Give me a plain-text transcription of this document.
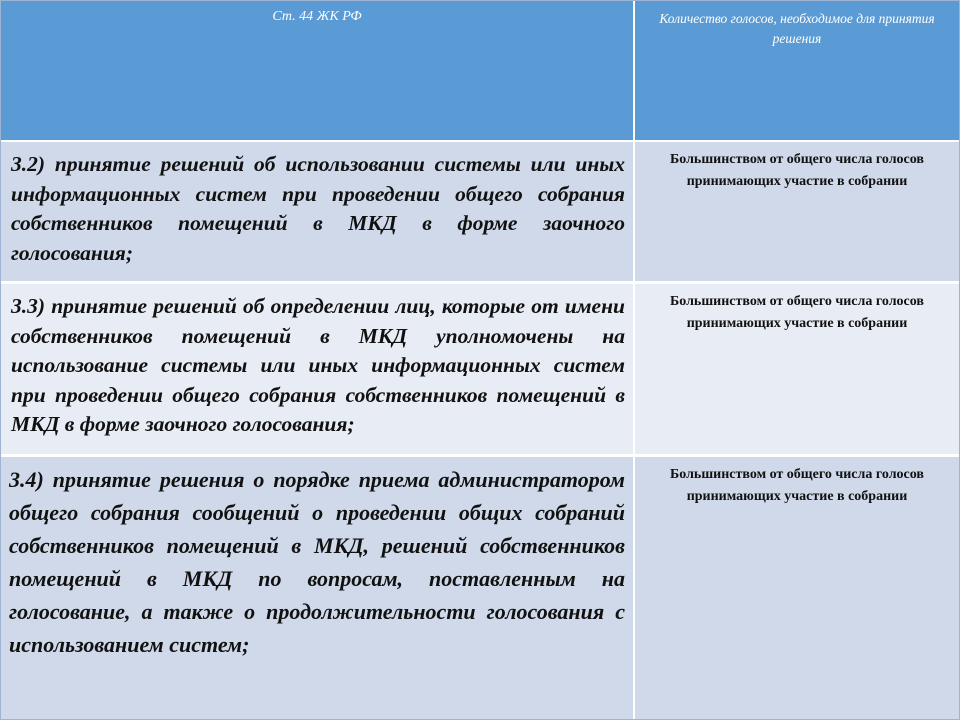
Ст. 44 ЖК РФ	Количество голосов, необходимое для принятия решения
3.2) принятие решений об использовании системы или иных информационных систем при проведении общего собрания собственников помещений в МКД в форме заочного голосования;
Большинством от общего числа голосов принимающих участие в собрании
3.3) принятие решений об определении лиц, которые от имени собственников помещений в МКД уполномочены на использование системы или иных информационных систем при проведении общего собрания собственников помещений в МКД в форме заочного голосования;
Большинством от общего числа голосов принимающих участие в собрании
3.4) принятие решения о порядке приема администратором общего собрания сообщений о проведении общих собраний собственников помещений в МКД, решений собственников помещений в МКД по вопросам, поставленным на голосование, а также о продолжительности голосования с использованием систем;
Большинством от общего числа голосов принимающих участие в собрании
